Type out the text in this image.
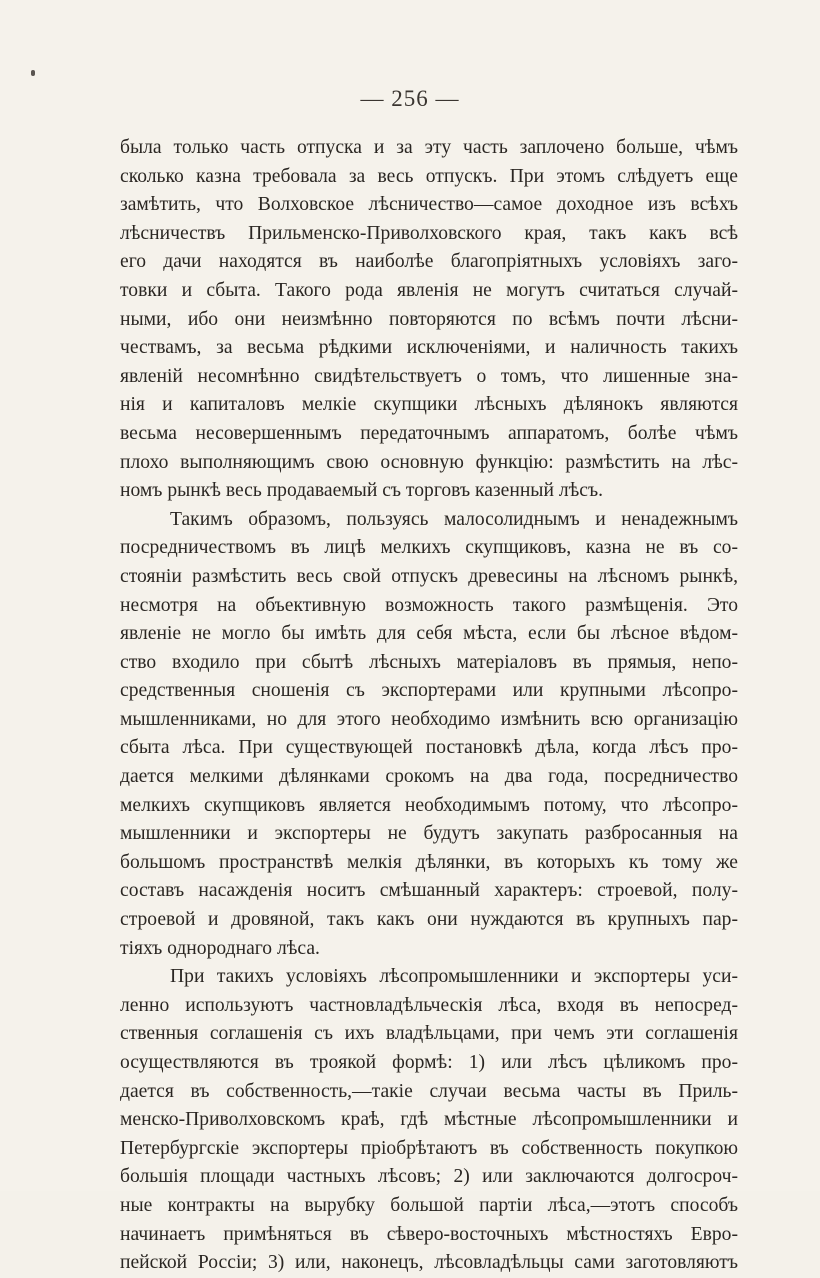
— 256 —
была только часть отпуска и за эту часть заплочено больше, чѣмъ
сколько казна требовала за весь отпускъ. При этомъ слѣдуетъ еще
замѣтить, что Волховское лѣсничество—самое доходное изъ всѣхъ
лѣсничествъ Прильменско-Приволховского края, такъ какъ всѣ
его дачи находятся въ наиболѣе благопріятныхъ условіяхъ заго-
товки и сбыта. Такого рода явленія не могутъ считаться случай-
ными, ибо они неизмѣнно повторяются по всѣмъ почти лѣсни-
чествамъ, за весьма рѣдкими исключеніями, и наличность такихъ
явленій несомнѣнно свидѣтельствуетъ о томъ, что лишенные зна-
нія и капиталовъ мелкіе скупщики лѣсныхъ дѣлянокъ являются
весьма несовершеннымъ передаточнымъ аппаратомъ, болѣе чѣмъ
плохо выполняющимъ свою основную функцію: размѣстить на лѣс-
номъ рынкѣ весь продаваемый съ торговъ казенный лѣсъ.
Такимъ образомъ, пользуясь малосолиднымъ и ненадежнымъ
посредничествомъ въ лицѣ мелкихъ скупщиковъ, казна не въ со-
стояніи размѣстить весь свой отпускъ древесины на лѣсномъ рынкѣ,
несмотря на объективную возможность такого размѣщенія. Это
явленіе не могло бы имѣть для себя мѣста, если бы лѣсное вѣдом-
ство входило при сбытѣ лѣсныхъ матеріаловъ въ прямыя, непо-
средственныя сношенія съ экспортерами или крупными лѣсопро-
мышленниками, но для этого необходимо измѣнить всю организацію
сбыта лѣса. При существующей постановкѣ дѣла, когда лѣсъ про-
дается мелкими дѣлянками срокомъ на два года, посредничество
мелкихъ скупщиковъ является необходимымъ потому, что лѣсопро-
мышленники и экспортеры не будутъ закупать разбросанныя на
большомъ пространствѣ мелкія дѣлянки, въ которыхъ къ тому же
составъ насажденія носитъ смѣшанный характеръ: строевой, полу-
строевой и дровяной, такъ какъ они нуждаются въ крупныхъ пар-
тіяхъ однороднаго лѣса.
При такихъ условіяхъ лѣсопромышленники и экспортеры уси-
ленно используютъ частновладѣльческія лѣса, входя въ непосред-
ственныя соглашенія съ ихъ владѣльцами, при чемъ эти соглашенія
осуществляются въ трoякой формѣ: 1) или лѣсъ цѣликомъ про-
дается въ собственность,—такіе случаи весьма часты въ Приль-
менско-Приволховскомъ краѣ, гдѣ мѣстные лѣсопромышленники и
Петербургскіе экспортеры пріобрѣтаютъ въ собственность покупкою
большія площади частныхъ лѣсовъ; 2) или заключаются долгосроч-
ные контракты на вырубку большой партіи лѣса,—этотъ способъ
начинаетъ примѣняться въ сѣверо-восточныхъ мѣстностяхъ Евро-
пейской Россіи; 3) или, наконецъ, лѣсовладѣльцы сами заготовляютъ
